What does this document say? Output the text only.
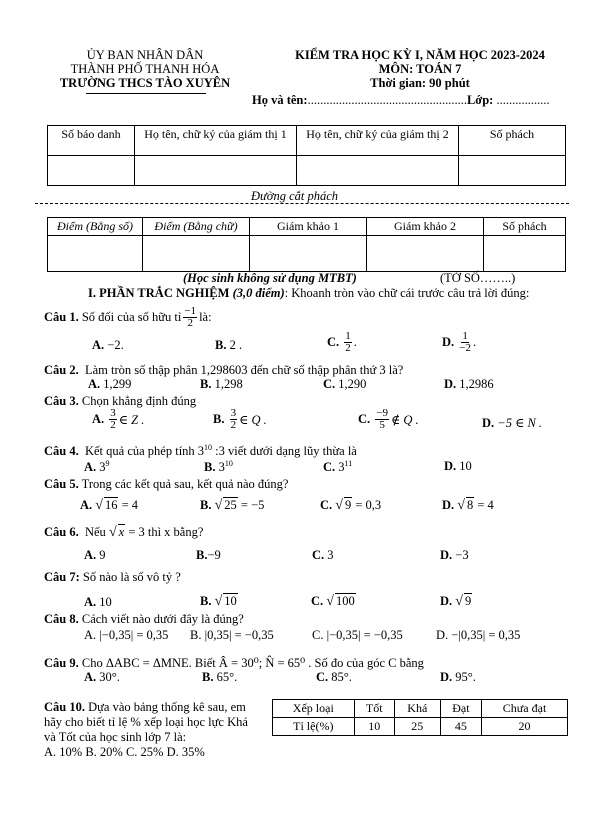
ỦY BAN NHÂN DÂN
THÀNH PHỐ THANH HÓA
TRƯỜNG THCS TÀO XUYÊN
KIỂM TRA HỌC KỲ I, NĂM HỌC 2023-2024
MÔN: TOÁN 7
Thời gian: 90 phút
Họ và tên:...................................................Lớp: .................
Số báo danh	Họ tên, chữ ký của giám thị 1	Họ tên, chữ ký của giám thị 2	Số phách

Đường cắt phách
Điểm (Bằng số)	Điểm (Bằng chữ)	Giám khảo 1	Giám khảo 2	Số phách

(Học sinh không sử dụng MTBT)	(TỜ SỐ……..)
I. PHẦN TRẮC NGHIỆM (3,0 điểm): Khoanh tròn vào chữ cái trước câu trả lời đúng:
Câu 1.
Số đối của số hữu tỉ $\frac{-1}{2}$ là:
A. −2.	B. 2 .	C.
$\frac{1}{2}$ .	D.
$\frac{1}{-2}$ .
Câu 2. Làm tròn số thập phân 1,298603 đến chữ số thập phân thứ 3 là?
A. 1,299	B. 1,298	C. 1,290	D. 1,2986
Câu 3. Chọn khẳng định đúng
A.
$\frac{3}{2}$ ∈ Z .	B.
$\frac{3}{2}$ ∈ Q .	C.
$\frac{-9}{5}$ ∉ Q .	D. −5 ∈ N .
Câu 4. Kết quả của phép tính $3^{10}$ :3 viết dưới dạng lũy thừa là
A. $3^9$	B. $3^{10}$	C. $3^{11}$	D. 10
Câu 5. Trong các kết quả sau, kết quả nào đúng?
A. √ 16 = 4	B. √ 25 = −5	C. √ 9 = 0,3	D. √ 8 = 4
Câu 6. Nếu √ x = 3 thì x bằng?
A. 9	B.−9	C. 3	D. −3
Câu 7: Số nào là số vô tỷ ?
A. 10	B. √ 10	C. √ 100	D. √ 9
Câu 8. Cách viết nào dưới đây là đúng?
A. |−0,35| = 0,35 B. |0,35| = −0,35	C. |−0,35| = −0,35	D. −|0,35| = 0,35
Câu 9. Cho ΔABC = ΔMNE. Biết Â = 30⁰; N̂ = 65⁰ . Số đo của góc C bằng
A. 30°.	B. 65°.	C. 85°.	D. 95°.
Câu 10. Dựa vào bảng thống kê sau, em
hãy cho biết tỉ lệ % xếp loại học lực Khá
và Tốt của học sinh lớp 7 là:
A. 10% B. 20% C. 25% D. 35%
Xếp loại	Tốt	Khá	Đạt	Chưa đạt
Tỉ lệ(%)	10	25	45	20
